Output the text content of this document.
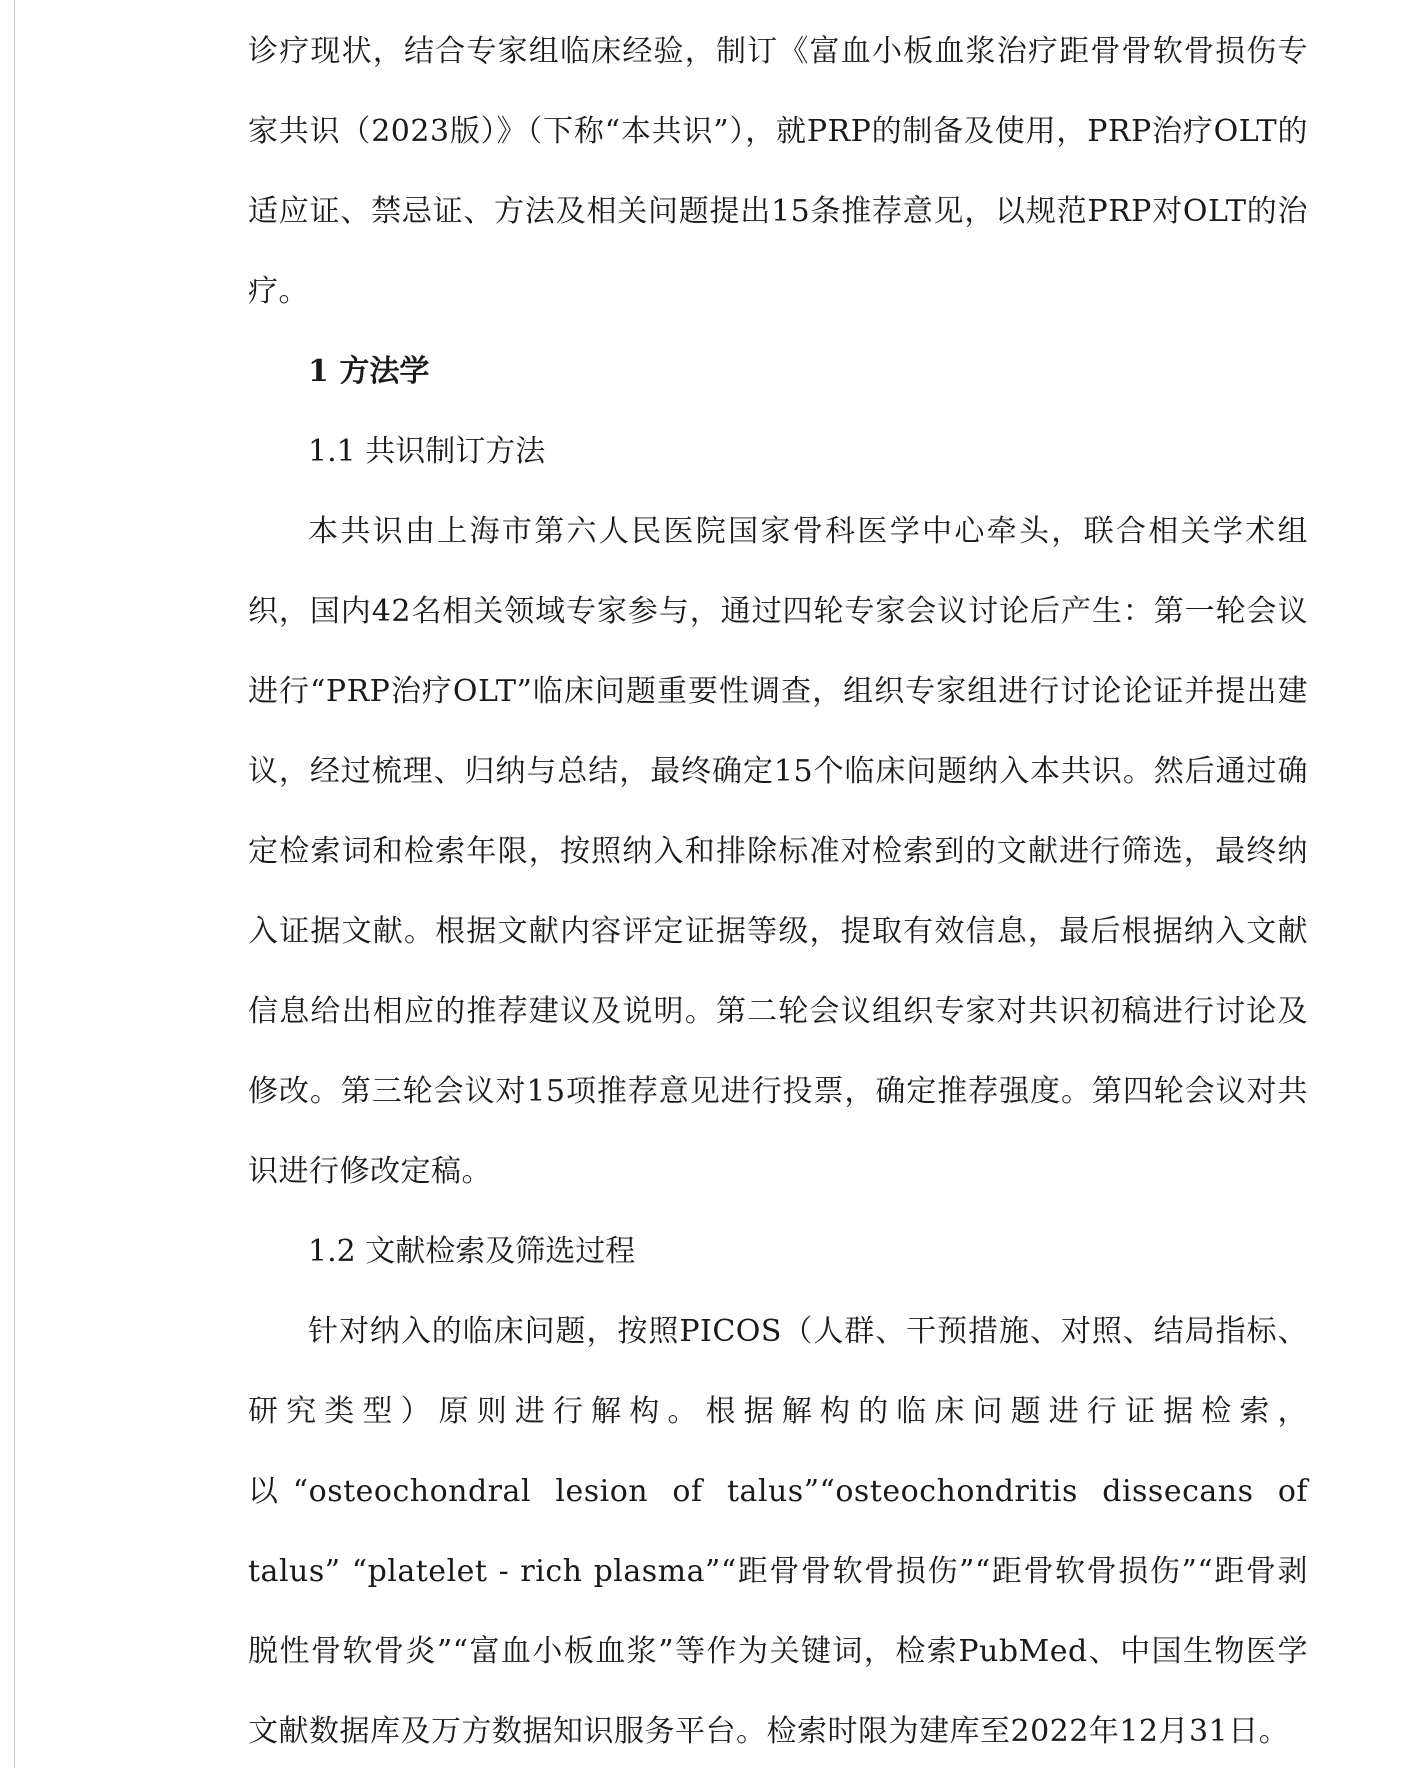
诊疗现状，结合专家组临床经验，制订《富血小板血浆治疗距骨骨软骨损伤专家共识（2023版）》（下称“本共识”），就PRP的制备及使用，PRP治疗OLT的适应证、禁忌证、方法及相关问题提出15条推荐意见，以规范PRP对OLT的治疗。

1 方法学

1.1 共识制订方法

本共识由上海市第六人民医院国家骨科医学中心牵头，联合相关学术组织，国内42名相关领域专家参与，通过四轮专家会议讨论后产生：第一轮会议进行“PRP治疗OLT”临床问题重要性调查，组织专家组进行讨论论证并提出建议，经过梳理、归纳与总结，最终确定15个临床问题纳入本共识。然后通过确定检索词和检索年限，按照纳入和排除标准对检索到的文献进行筛选，最终纳入证据文献。根据文献内容评定证据等级，提取有效信息，最后根据纳入文献信息给出相应的推荐建议及说明。第二轮会议组织专家对共识初稿进行讨论及修改。第三轮会议对15项推荐意见进行投票，确定推荐强度。第四轮会议对共识进行修改定稿。

1.2 文献检索及筛选过程

针对纳入的临床问题，按照PICOS（人群、干预措施、对照、结局指标、研究类型）原则进行解构。根据解构的临床问题进行证据检索，以“osteochondral lesion of talus”“osteochondritis dissecans of talus” “platelet - rich plasma”“距骨骨软骨损伤”“距骨软骨损伤”“距骨剥脱性骨软骨炎”“富血小板血浆”等作为关键词，检索PubMed、中国生物医学文献数据库及万方数据知识服务平台。检索时限为建库至2022年12月31日。
